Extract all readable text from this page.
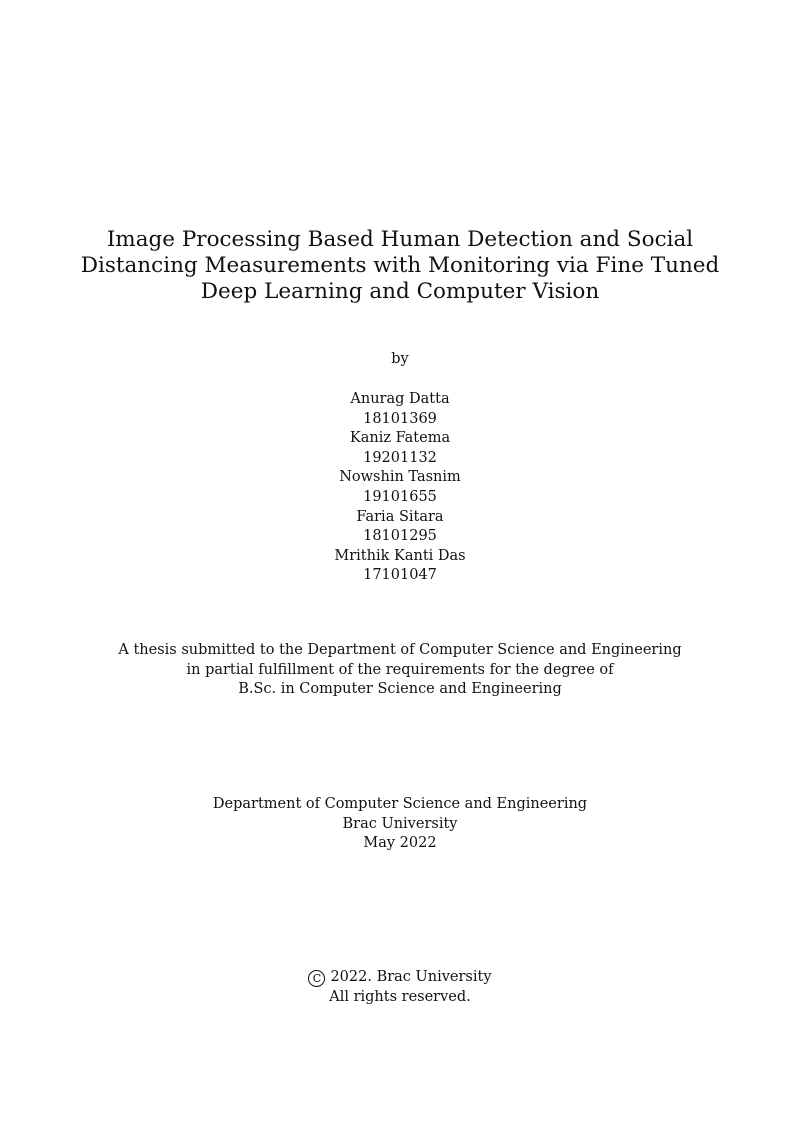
Image Processing Based Human Detection and Social
Distancing Measurements with Monitoring via Fine Tuned
Deep Learning and Computer Vision
by
Anurag Datta
18101369
Kaniz Fatema
19201132
Nowshin Tasnim
19101655
Faria Sitara
18101295
Mrithik Kanti Das
17101047
A thesis submitted to the Department of Computer Science and Engineering
in partial fulfillment of the requirements for the degree of
B.Sc. in Computer Science and Engineering
Department of Computer Science and Engineering
Brac University
May 2022
C 2022. Brac University
All rights reserved.
